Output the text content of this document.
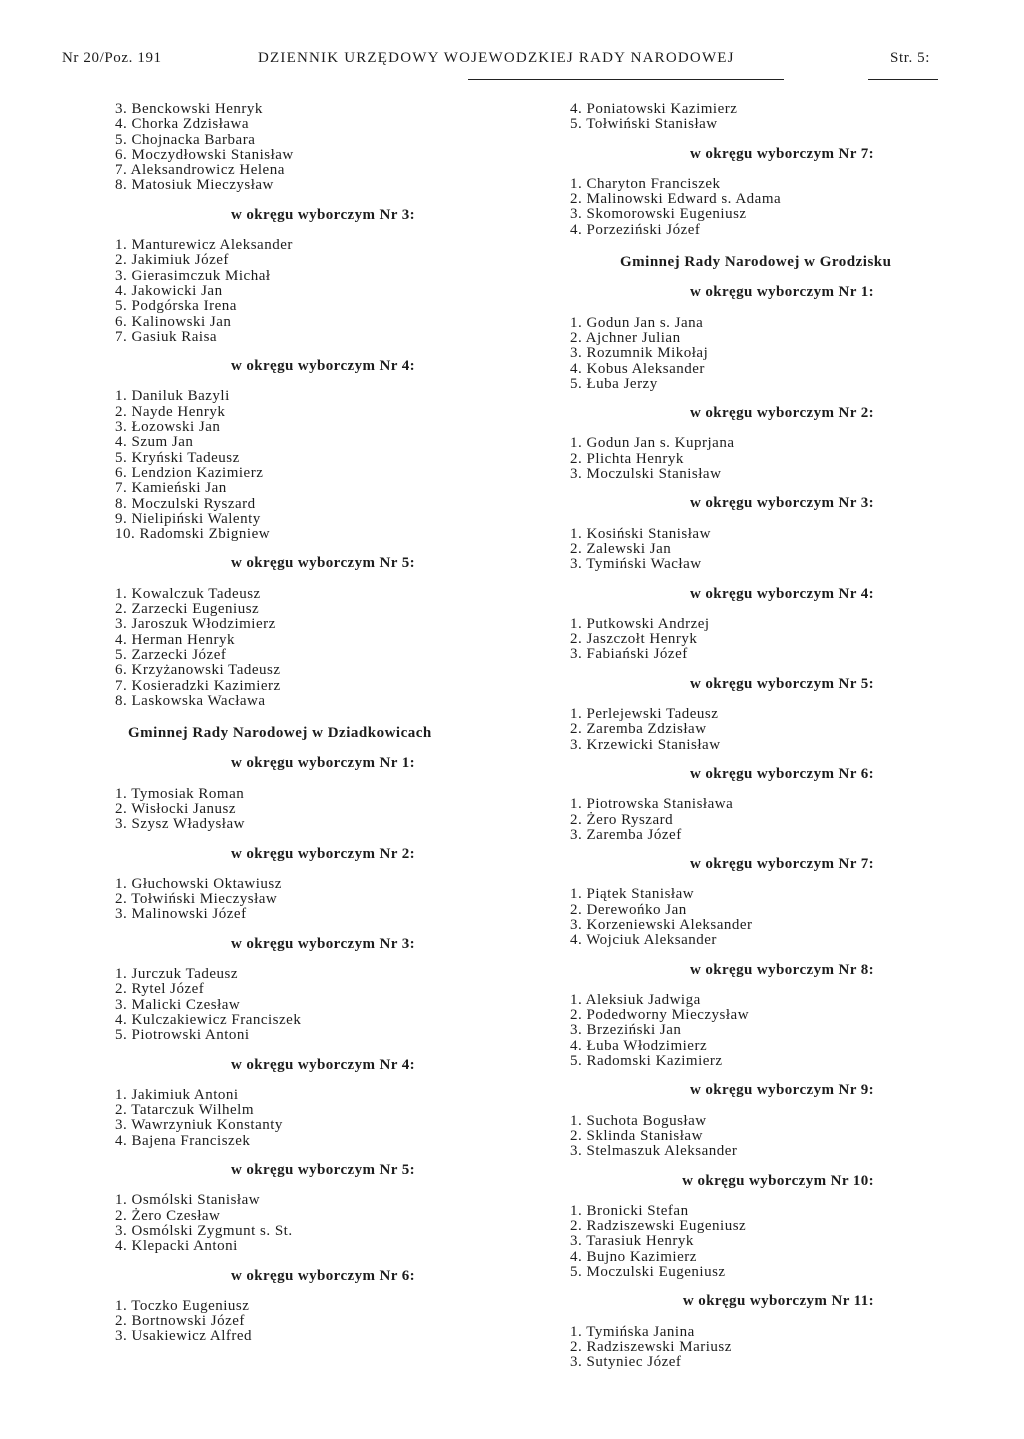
Nr 20/Poz. 191	DZIENNIK URZĘDOWY WOJEWODZKIEJ RADY NARODOWEJ	Str. 5:
3. Benckowski Henryk
4. Chorka Zdzisława
5. Chojnacka Barbara
6. Moczydłowski Stanisław
7. Aleksandrowicz Helena
8. Matosiuk Mieczysław
w okręgu wyborczym Nr 3:
1. Manturewicz Aleksander
2. Jakimiuk Józef
3. Gierasimczuk Michał
4. Jakowicki Jan
5. Podgórska Irena
6. Kalinowski Jan
7. Gasiuk Raisa
w okręgu wyborczym Nr 4:
1. Daniluk Bazyli
2. Nayde Henryk
3. Łozowski Jan
4. Szum Jan
5. Kryński Tadeusz
6. Lendzion Kazimierz
7. Kamieński Jan
8. Moczulski Ryszard
9. Nielipiński Walenty
10. Radomski Zbigniew
w okręgu wyborczym Nr 5:
1. Kowalczuk Tadeusz
2. Zarzecki Eugeniusz
3. Jaroszuk Włodzimierz
4. Herman Henryk
5. Zarzecki Józef
6. Krzyżanowski Tadeusz
7. Kosieradzki Kazimierz
8. Laskowska Wacława
Gminnej Rady Narodowej w Dziadkowicach
w okręgu wyborczym Nr 1:
1. Tymosiak Roman
2. Wisłocki Janusz
3. Szysz Władysław
w okręgu wyborczym Nr 2:
1. Głuchowski Oktawiusz
2. Tołwiński Mieczysław
3. Malinowski Józef
w okręgu wyborczym Nr 3:
1. Jurczuk Tadeusz
2. Rytel Józef
3. Malicki Czesław
4. Kulczakiewicz Franciszek
5. Piotrowski Antoni
w okręgu wyborczym Nr 4:
1. Jakimiuk Antoni
2. Tatarczuk Wilhelm
3. Wawrzyniuk Konstanty
4. Bajena Franciszek
w okręgu wyborczym Nr 5:
1. Osmólski Stanisław
2. Żero Czesław
3. Osmólski Zygmunt s. St.
4. Klepacki Antoni
w okręgu wyborczym Nr 6:
1. Toczko Eugeniusz
2. Bortnowski Józef
3. Usakiewicz Alfred
4. Poniatowski Kazimierz
5. Tołwiński Stanisław
w okręgu wyborczym Nr 7:
1. Charyton Franciszek
2. Malinowski Edward s. Adama
3. Skomorowski Eugeniusz
4. Porzeziński Józef
Gminnej Rady Narodowej w Grodzisku
w okręgu wyborczym Nr 1:
1. Godun Jan s. Jana
2. Ajchner Julian
3. Rozumnik Mikołaj
4. Kobus Aleksander
5. Łuba Jerzy
w okręgu wyborczym Nr 2:
1. Godun Jan s. Kuprjana
2. Plichta Henryk
3. Moczulski Stanisław
w okręgu wyborczym Nr 3:
1. Kosiński Stanisław
2. Zalewski Jan
3. Tymiński Wacław
w okręgu wyborczym Nr 4:
1. Putkowski Andrzej
2. Jaszczołt Henryk
3. Fabiański Józef
w okręgu wyborczym Nr 5:
1. Perlejewski Tadeusz
2. Zaremba Zdzisław
3. Krzewicki Stanisław
w okręgu wyborczym Nr 6:
1. Piotrowska Stanisława
2. Żero Ryszard
3. Zaremba Józef
w okręgu wyborczym Nr 7:
1. Piątek Stanisław
2. Derewońko Jan
3. Korzeniewski Aleksander
4. Wojciuk Aleksander
w okręgu wyborczym Nr 8:
1. Aleksiuk Jadwiga
2. Podedworny Mieczysław
3. Brzeziński Jan
4. Łuba Włodzimierz
5. Radomski Kazimierz
w okręgu wyborczym Nr 9:
1. Suchota Bogusław
2. Sklinda Stanisław
3. Stelmaszuk Aleksander
w okręgu wyborczym Nr 10:
1. Bronicki Stefan
2. Radziszewski Eugeniusz
3. Tarasiuk Henryk
4. Bujno Kazimierz
5. Moczulski Eugeniusz
w okręgu wyborczym Nr 11:
1. Tymińska Janina
2. Radziszewski Mariusz
3. Sutyniec Józef
